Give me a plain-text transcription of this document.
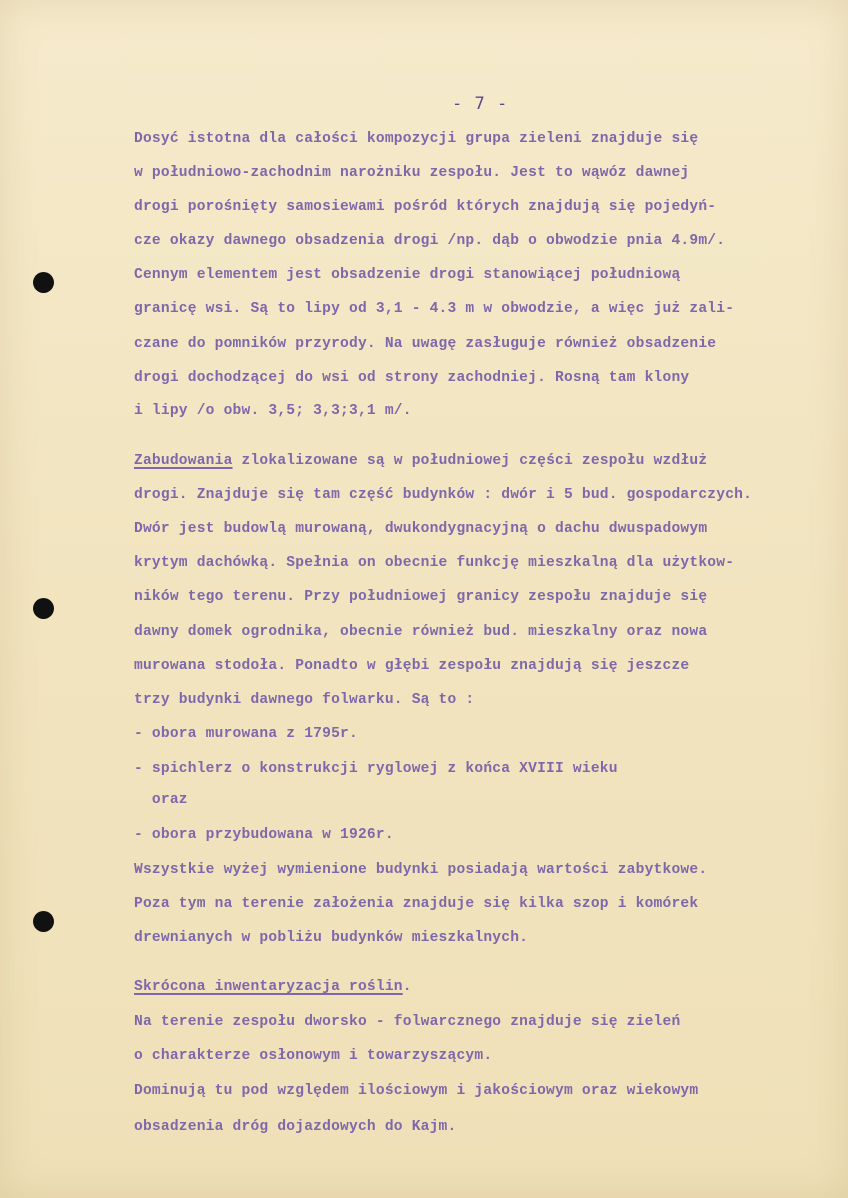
- 7 -
Dosyć istotna dla całości kompozycji grupa zieleni znajduje się
w południowo-zachodnim narożniku zespołu. Jest to wąwóz dawnej
drogi porośnięty samosiewami pośród których znajdują się pojedyń-
cze okazy dawnego obsadzenia drogi /np. dąb o obwodzie pnia 4.9m/.
Cennym elementem jest obsadzenie drogi stanowiącej południową
granicę wsi. Są to lipy od 3,1 - 4.3 m w obwodzie, a więc już zali-
czane do pomników przyrody. Na uwagę zasługuje również obsadzenie
drogi dochodzącej do wsi od strony zachodniej. Rosną tam klony
i lipy /o obw. 3,5; 3,3;3,1 m/.
Zabudowania zlokalizowane są w południowej części zespołu wzdłuż
drogi. Znajduje się tam część budynków : dwór i 5 bud. gospodarczych.
Dwór jest budowlą murowaną, dwukondygnacyjną o dachu dwuspadowym
krytym dachówką. Spełnia on obecnie funkcję mieszkalną dla użytkow-
ników tego terenu. Przy południowej granicy zespołu znajduje się
dawny domek ogrodnika, obecnie również bud. mieszkalny oraz nowa
murowana stodoła. Ponadto w głębi zespołu znajdują się jeszcze
trzy budynki dawnego folwarku. Są to :
- obora murowana z 1795r.
- spichlerz o konstrukcji ryglowej z końca XVIII wieku
oraz
- obora przybudowana w 1926r.
Wszystkie wyżej wymienione budynki posiadają wartości zabytkowe.
Poza tym na terenie założenia znajduje się kilka szop i komórek
drewnianych w pobliżu budynków mieszkalnych.
Skrócona inwentaryzacja roślin.
Na terenie zespołu dworsko - folwarcznego znajduje się zieleń
o charakterze osłonowym i towarzyszącym.
Dominują tu pod względem ilościowym i jakościowym oraz wiekowym
obsadzenia dróg dojazdowych do Kajm.
